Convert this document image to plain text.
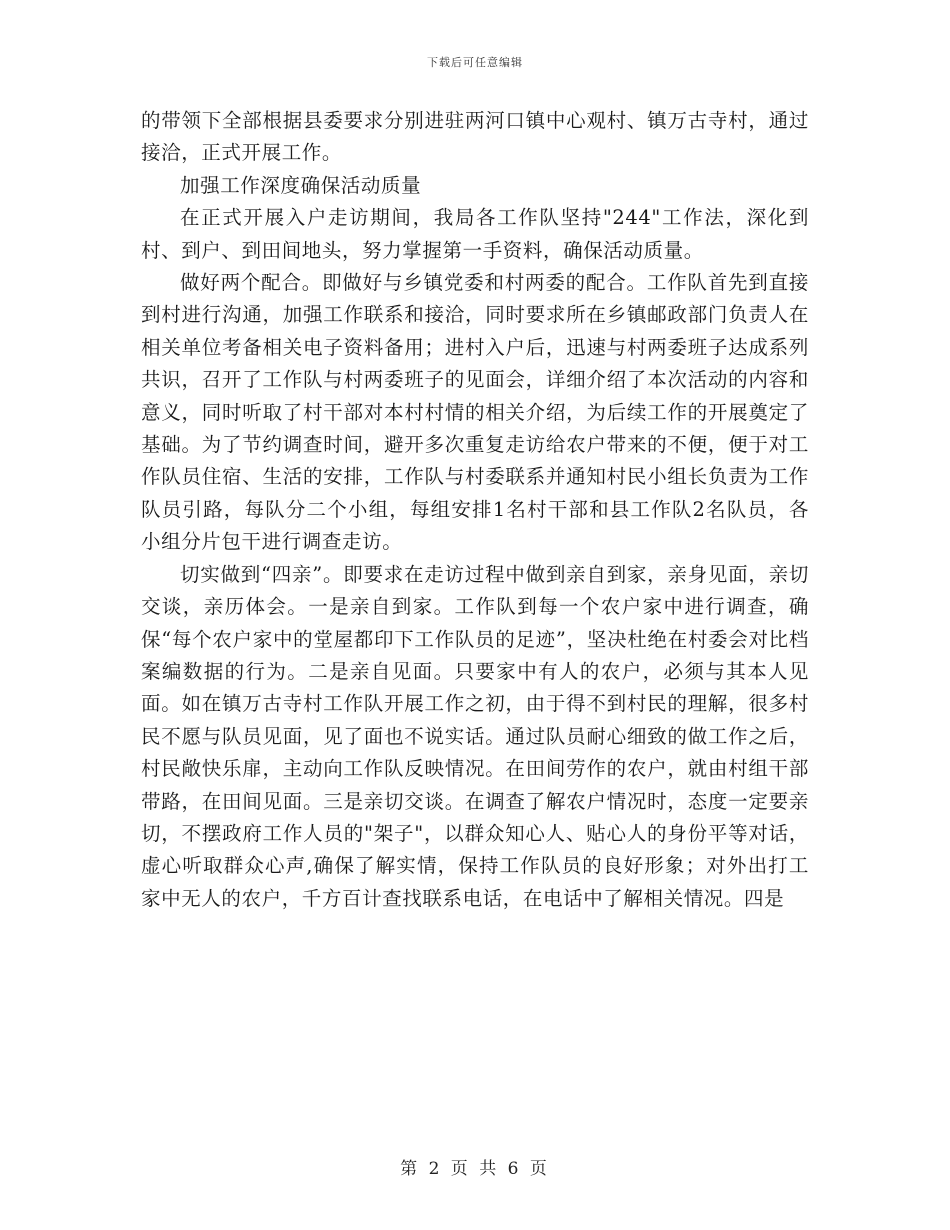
下载后可任意编辑

的带领下全部根据县委要求分别进驻两河口镇中心观村、镇万古寺村，通过接洽，正式开展工作。

加强工作深度确保活动质量

在正式开展入户走访期间，我局各工作队坚持"244"工作法，深化到村、到户、到田间地头，努力掌握第一手资料，确保活动质量。

做好两个配合。即做好与乡镇党委和村两委的配合。工作队首先到直接到村进行沟通，加强工作联系和接洽，同时要求所在乡镇邮政部门负责人在相关单位考备相关电子资料备用；进村入户后，迅速与村两委班子达成系列共识，召开了工作队与村两委班子的见面会，详细介绍了本次活动的内容和意义，同时听取了村干部对本村村情的相关介绍，为后续工作的开展奠定了基础。为了节约调查时间，避开多次重复走访给农户带来的不便，便于对工作队员住宿、生活的安排，工作队与村委联系并通知村民小组长负责为工作队员引路，每队分二个小组，每组安排1名村干部和县工作队2名队员，各小组分片包干进行调查走访。

切实做到“四亲”。即要求在走访过程中做到亲自到家，亲身见面，亲切交谈，亲历体会。一是亲自到家。工作队到每一个农户家中进行调查，确保“每个农户家中的堂屋都印下工作队员的足迹”，坚决杜绝在村委会对比档案编数据的行为。二是亲自见面。只要家中有人的农户，必须与其本人见面。如在镇万古寺村工作队开展工作之初，由于得不到村民的理解，很多村民不愿与队员见面，见了面也不说实话。通过队员耐心细致的做工作之后，村民敞快乐扉，主动向工作队反映情况。在田间劳作的农户，就由村组干部带路，在田间见面。三是亲切交谈。在调查了解农户情况时，态度一定要亲切，不摆政府工作人员的"架子"，以群众知心人、贴心人的身份平等对话，虚心听取群众心声,确保了解实情，保持工作队员的良好形象；对外出打工家中无人的农户，千方百计查找联系电话，在电话中了解相关情况。四是

第 2 页 共 6 页
